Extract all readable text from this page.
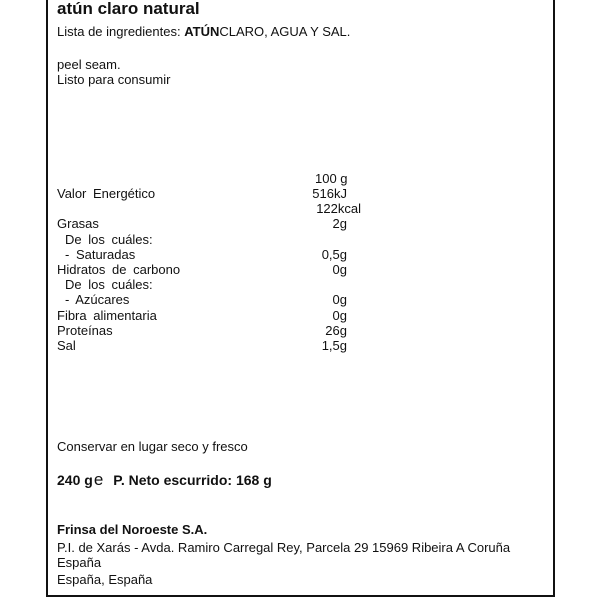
atún claro natural
Lista de ingredientes: ATÚNCLARO, AGUA Y SAL.
peel seam.
Listo para consumir
100 g
Valor Energético	516kJ
122kcal
Grasas	2g
De los cuáles:
- Saturadas	0,5g
Hidratos de carbono	0g
De los cuáles:
- Azúcares	0g
Fibra alimentaria	0g
Proteínas	26g
Sal	1,5g
Conservar en lugar seco y fresco
240 ge P. Neto escurrido: 168 g
Frinsa del Noroeste S.A.
P.I. de Xarás - Avda. Ramiro Carregal Rey, Parcela 29 15969 Ribeira A Coruña
España
España, España
